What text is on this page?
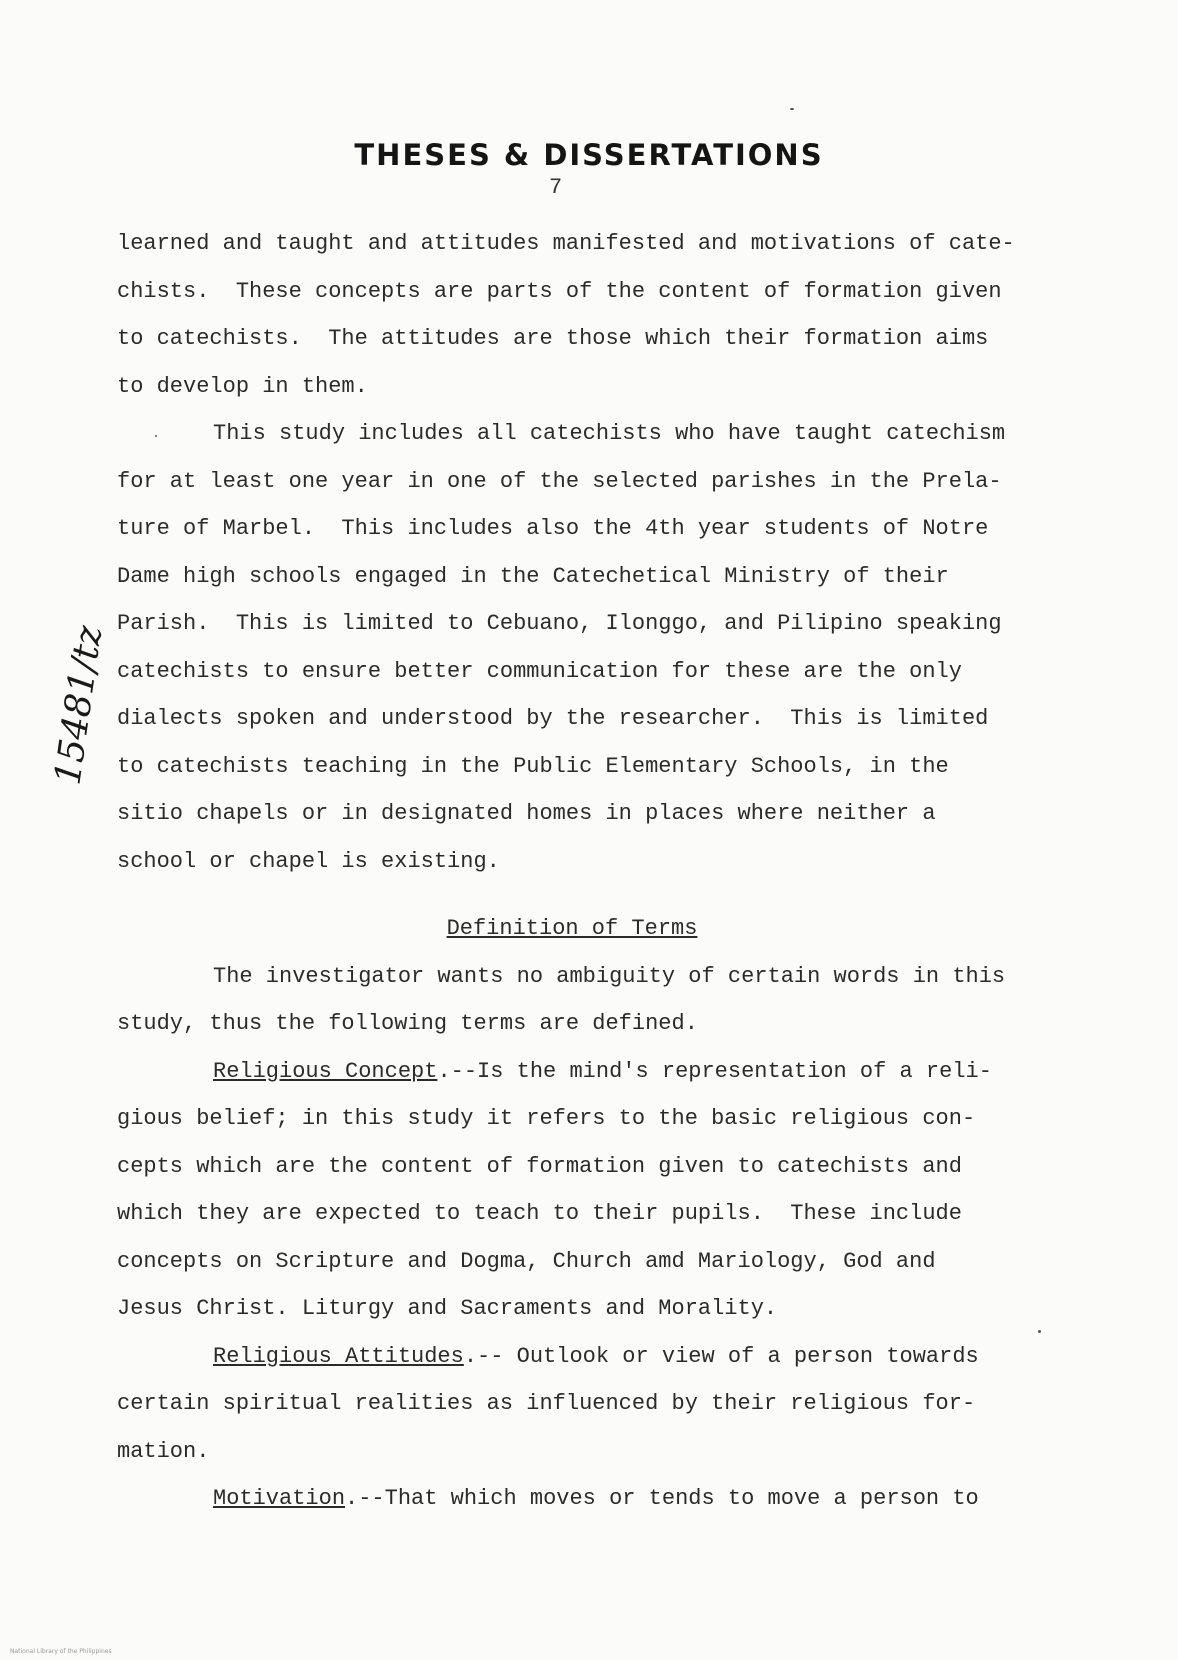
THESES & DISSERTATIONS
7
15481/tz
learned and taught and attitudes manifested and motivations of cate-
chists.  These concepts are parts of the content of formation given
to catechists.  The attitudes are those which their formation aims
to develop in them.
This study includes all catechists who have taught catechism
for at least one year in one of the selected parishes in the Prela-
ture of Marbel.  This includes also the 4th year students of Notre
Dame high schools engaged in the Catechetical Ministry of their
Parish.  This is limited to Cebuano, Ilonggo, and Pilipino speaking
catechists to ensure better communication for these are the only
dialects spoken and understood by the researcher.  This is limited
to catechists teaching in the Public Elementary Schools, in the
sitio chapels or in designated homes in places where neither a
school or chapel is existing.
Definition of Terms
The investigator wants no ambiguity of certain words in this
study, thus the following terms are defined.
Religious Concept.--Is the mind's representation of a reli-
gious belief; in this study it refers to the basic religious con-
cepts which are the content of formation given to catechists and
which they are expected to teach to their pupils.  These include
concepts on Scripture and Dogma, Church amd Mariology, God and
Jesus Christ. Liturgy and Sacraments and Morality.
Religious Attitudes.-- Outlook or view of a person towards
certain spiritual realities as influenced by their religious for-
mation.
Motivation.--That which moves or tends to move a person to
National Library of the Philippines
